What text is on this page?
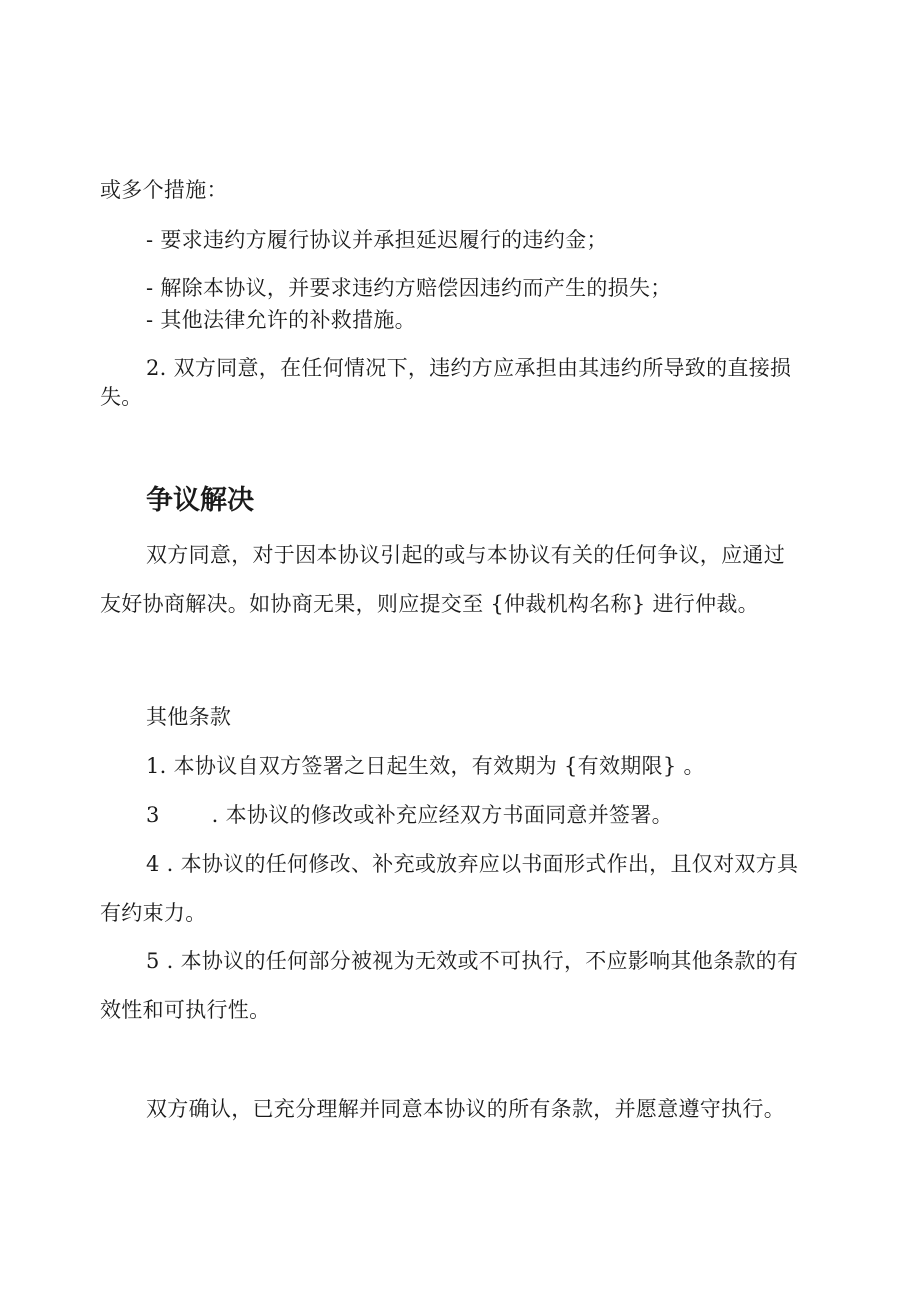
或多个措施：
- 要求违约方履行协议并承担延迟履行的违约金；
- 解除本协议，并要求违约方赔偿因违约而产生的损失；
- 其他法律允许的补救措施。
2. 双方同意，在任何情况下，违约方应承担由其违约所导致的直接损
失。
争议解决
双方同意，对于因本协议引起的或与本协议有关的任何争议，应通过
友好协商解决。如协商无果，则应提交至 {仲裁机构名称} 进行仲裁。
其他条款
1. 本协议自双方签署之日起生效，有效期为 {有效期限} 。
3 . 本协议的修改或补充应经双方书面同意并签署。
4 . 本协议的任何修改、补充或放弃应以书面形式作出，且仅对双方具
有约束力。
5 . 本协议的任何部分被视为无效或不可执行，不应影响其他条款的有
效性和可执行性。
双方确认，已充分理解并同意本协议的所有条款，并愿意遵守执行。
